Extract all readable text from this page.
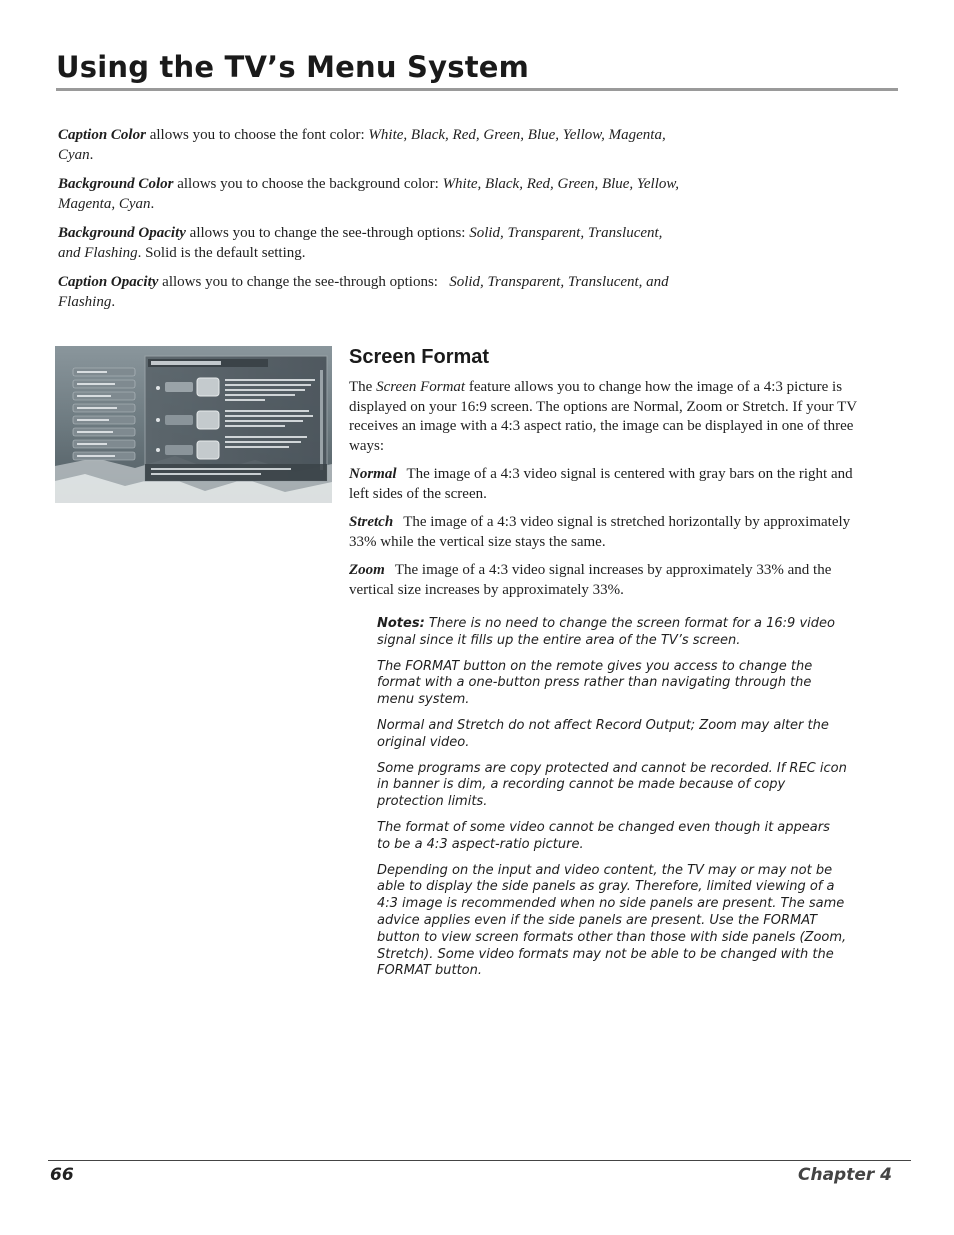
Using the TV’s Menu System

Caption Color allows you to choose the font color: White, Black, Red, Green, Blue, Yellow, Magenta, Cyan.

Background Color allows you to choose the background color: White, Black, Red, Green, Blue, Yellow, Magenta, Cyan.

Background Opacity allows you to change the see-through options: Solid, Transparent, Translucent, and Flashing. Solid is the default setting.

Caption Opacity allows you to change the see-through options:   Solid, Transparent, Translucent, and Flashing.

Screen Format

The Screen Format feature allows you to change how the image of a 4:3 picture is displayed on your 16:9 screen. The options are Normal, Zoom or Stretch. If your TV receives an image with a 4:3 aspect ratio, the image can be displayed in one of three ways:

Normal The image of a 4:3 video signal is centered with gray bars on the right and left sides of the screen.

Stretch The image of a 4:3 video signal is stretched horizontally by approximately 33% while the vertical size stays the same.

Zoom The image of a 4:3 video signal increases by approximately 33% and the vertical size increases by approximately 33%.

Notes: There is no need to change the screen format for a 16:9 video signal since it fills up the entire area of the TV’s screen.

The FORMAT button on the remote gives you access to change the format with a one-button press rather than navigating through the menu system.

Normal and Stretch do not affect Record Output; Zoom may alter the original video.

Some programs are copy protected and cannot be recorded. If REC icon in banner is dim, a recording cannot be made because of copy protection limits.

The format of some video cannot be changed even though it appears to be a 4:3 aspect-ratio picture.

Depending on the input and video content, the TV may or may not be able to display the side panels as gray. Therefore, limited viewing of a 4:3 image is recommended when no side panels are present. The same advice applies even if the side panels are present. Use the FORMAT button to view screen formats other than those with side panels (Zoom, Stretch). Some video formats may not be able to be changed with the FORMAT button.

66	Chapter 4
